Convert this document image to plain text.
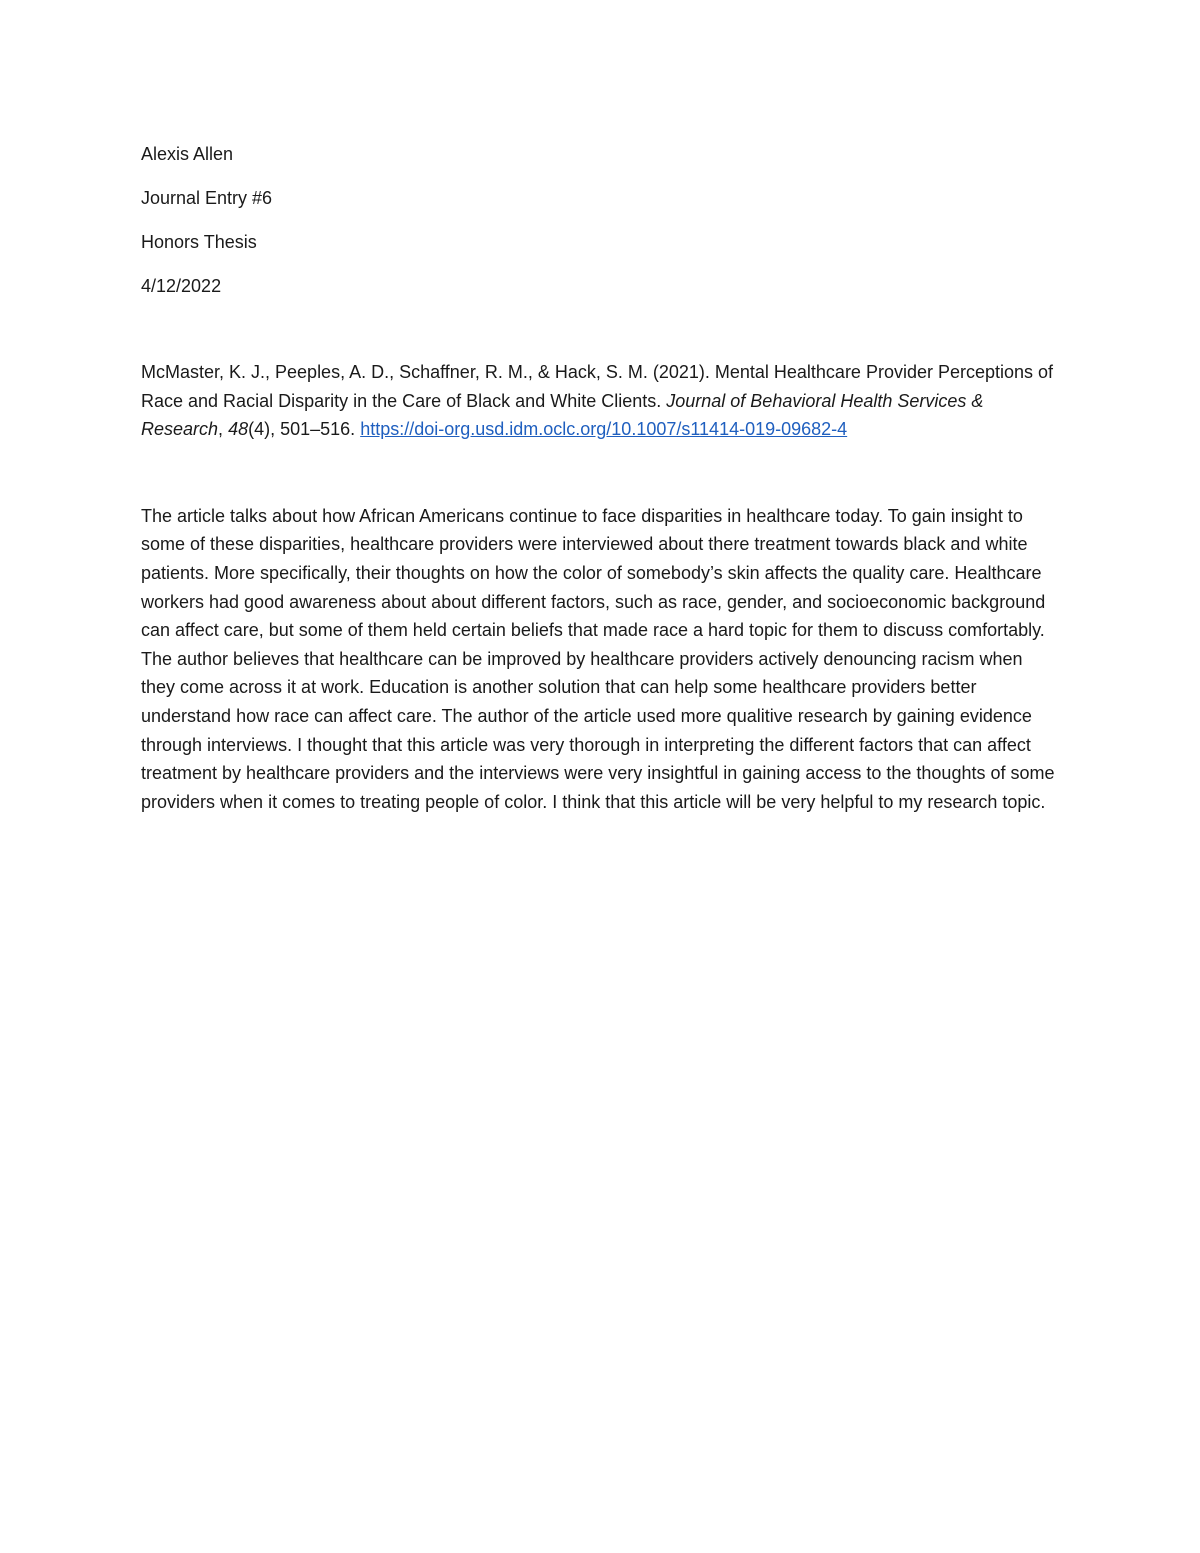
Alexis Allen
Journal Entry #6
Honors Thesis
4/12/2022
McMaster, K. J., Peeples, A. D., Schaffner, R. M., & Hack, S. M. (2021). Mental Healthcare Provider Perceptions of Race and Racial Disparity in the Care of Black and White Clients. Journal of Behavioral Health Services & Research, 48(4), 501–516. https://doi-org.usd.idm.oclc.org/10.1007/s11414-019-09682-4
The article talks about how African Americans continue to face disparities in healthcare today. To gain insight to some of these disparities, healthcare providers were interviewed about there treatment towards black and white patients. More specifically, their thoughts on how the color of somebody’s skin affects the quality care. Healthcare workers had good awareness about about different factors, such as race, gender, and socioeconomic background can affect care, but some of them held certain beliefs that made race a hard topic for them to discuss comfortably. The author believes that healthcare can be improved by healthcare providers actively denouncing racism when they come across it at work. Education is another solution that can help some healthcare providers better understand how race can affect care. The author of the article used more qualitive research by gaining evidence through interviews. I thought that this article was very thorough in interpreting the different factors that can affect treatment by healthcare providers and the interviews were very insightful in gaining access to the thoughts of some providers when it comes to treating people of color. I think that this article will be very helpful to my research topic.
